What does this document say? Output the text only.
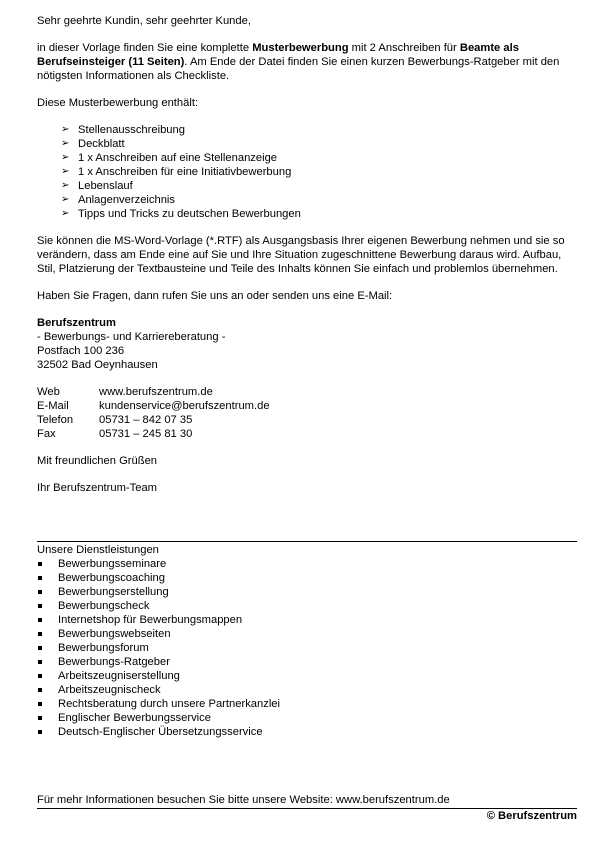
Sehr geehrte Kundin, sehr geehrter Kunde,

in dieser Vorlage finden Sie eine komplette Musterbewerbung mit 2 Anschreiben für Beamte als Berufseinsteiger (11 Seiten). Am Ende der Datei finden Sie einen kurzen Bewerbungs-Ratgeber mit den nötigsten Informationen als Checkliste.

Diese Musterbewerbung enthält:

➢ Stellenausschreibung
➢ Deckblatt
➢ 1 x Anschreiben auf eine Stellenanzeige
➢ 1 x Anschreiben für eine Initiativbewerbung
➢ Lebenslauf
➢ Anlagenverzeichnis
➢ Tipps und Tricks zu deutschen Bewerbungen

Sie können die MS-Word-Vorlage (*.RTF) als Ausgangsbasis Ihrer eigenen Bewerbung nehmen und sie so verändern, dass am Ende eine auf Sie und Ihre Situation zugeschnittene Bewerbung daraus wird. Aufbau, Stil, Platzierung der Textbausteine und Teile des Inhalts können Sie einfach und problemlos übernehmen.

Haben Sie Fragen, dann rufen Sie uns an oder senden uns eine E-Mail:

Berufszentrum
- Bewerbungs- und Karriereberatung -
Postfach 100 236
32502 Bad Oeynhausen
Web	www.berufszentrum.de
E-Mail	kundenservice@berufszentrum.de
Telefon	05731 – 842 07 35
Fax	05731 – 245 81 30

Mit freundlichen Grüßen

Ihr Berufszentrum-Team

Unsere Dienstleistungen

Bewerbungsseminare
Bewerbungscoaching
Bewerbungserstellung
Bewerbungscheck
Internetshop für Bewerbungsmappen
Bewerbungswebseiten
Bewerbungsforum
Bewerbungs-Ratgeber
Arbeitszeugniserstellung
Arbeitszeugnischeck
Rechtsberatung durch unsere Partnerkanzlei
Englischer Bewerbungsservice
Deutsch-Englischer Übersetzungsservice

Für mehr Informationen besuchen Sie bitte unsere Website: www.berufszentrum.de

© Berufszentrum
